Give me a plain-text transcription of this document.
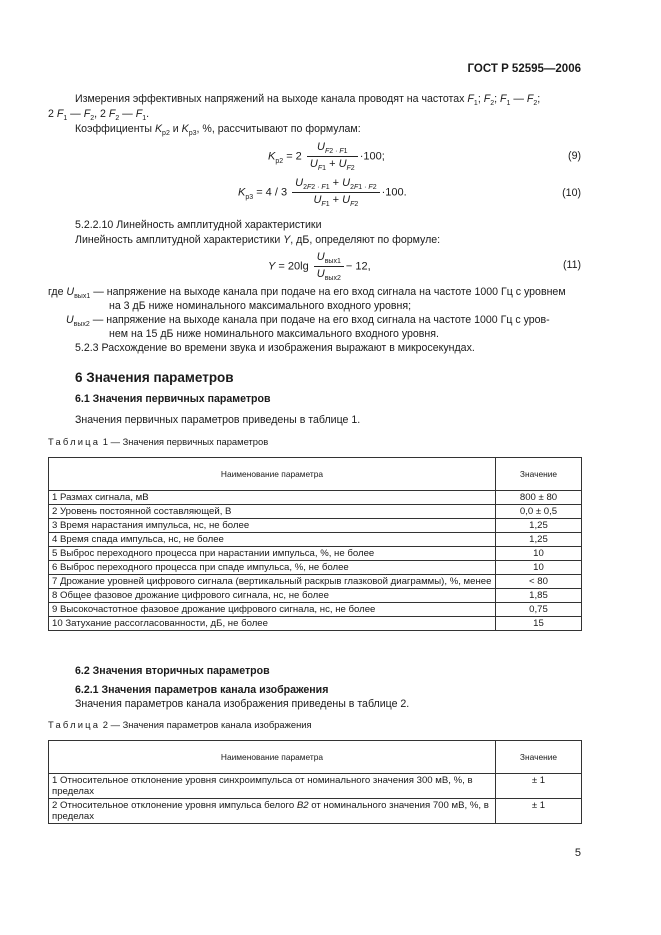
ГОСТ Р 52595—2006
Измерения эффективных напряжений на выходе канала проводят на частотах $F_1$; $F_2$; $F_1$ — $F_2$;
2 $F_1$ — $F_2$, 2 $F_2$ — $F_1$.
Коэффициенты $K_{р2}$ и $K_{р3}$, %, рассчитывают по формулам:
$K_{р2} = 2 \frac{U_{F2 \cdot F1}}{U_{F1} + U_{F2}} \cdot 100$;	(9)
$K_{р3} = 4 / 3 \frac{U_{2F2 \cdot F1} + U_{2F1 \cdot F2}}{U_{F1} + U_{F2}} \cdot 100$.	(10)
5.2.2.10 Линейность амплитудной характеристики
Линейность амплитудной характеристики Y, дБ, определяют по формуле:
$Y = 20\lg \frac{U_{вых1}}{U_{вых2}} - 12$,	(11)
где $U_{вых1}$ — напряжение на выходе канала при подаче на его вход сигнала на частоте 1000 Гц с уровнем
на 3 дБ ниже номинального максимального входного уровня;
$U_{вых2}$ — напряжение на выходе канала при подаче на его вход сигнала на частоте 1000 Гц с уров-
нем на 15 дБ ниже номинального максимального входного уровня.
5.2.3 Расхождение во времени звука и изображения выражают в микросекундах.
6 Значения параметров
6.1 Значения первичных параметров
Значения первичных параметров приведены в таблице 1.
Таблица 1 — Значения первичных параметров
Наименование параметра	Значение
1 Размах сигнала, мВ	800 ± 80
2 Уровень постоянной составляющей, В	0,0 ± 0,5
3 Время нарастания импульса, нс, не более	1,25
4 Время спада импульса, нс, не более	1,25
5 Выброс переходного процесса при нарастании импульса, %, не более	10
6 Выброс переходного процесса при спаде импульса, %, не более	10
7 Дрожание уровней цифрового сигнала (вертикальный раскрыв глазковой диаграммы), %, менее	< 80
8 Общее фазовое дрожание цифрового сигнала, нс, не более	1,85
9 Высокочастотное фазовое дрожание цифрового сигнала, нс, не более	0,75
10 Затухание рассогласованности, дБ, не более	15
6.2 Значения вторичных параметров
6.2.1 Значения параметров канала изображения
Значения параметров канала изображения приведены в таблице 2.
Таблица 2 — Значения параметров канала изображения
Наименование параметра	Значение
1 Относительное отклонение уровня синхроимпульса от номинального значения 300 мВ, %, в пределах	± 1
2 Относительное отклонение уровня импульса белого B2 от номинального значения 700 мВ, %, в пределах	± 1
5
